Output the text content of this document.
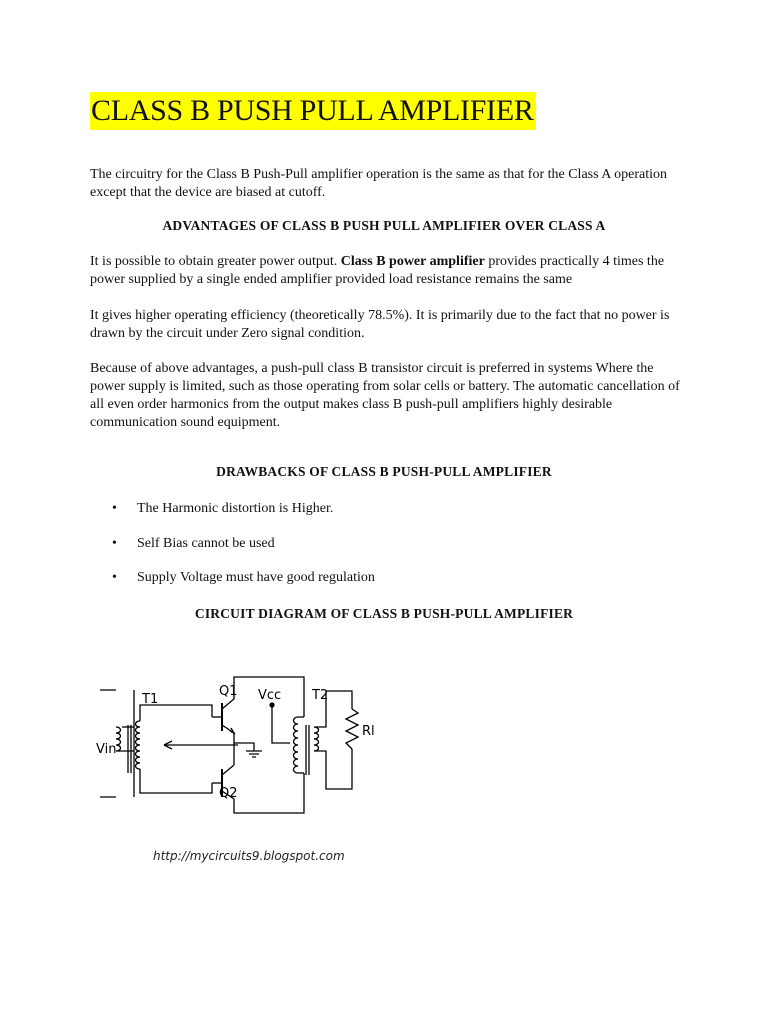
CLASS B PUSH PULL AMPLIFIER

The circuitry for the Class B Push-Pull amplifier operation is the same as that for the Class A operation except that the device are biased at cutoff.

ADVANTAGES OF CLASS B PUSH PULL AMPLIFIER OVER CLASS A

It is possible to obtain greater power output. Class B power amplifier provides practically 4 times the power supplied by a single ended amplifier provided load resistance remains the same

It gives higher operating efficiency (theoretically 78.5%). It is primarily due to the fact that no power is drawn by the circuit under Zero signal condition.

Because of above advantages, a push-pull class B transistor circuit is preferred in systems Where the power supply is limited, such as those operating from solar cells or battery. The automatic cancellation of all even order harmonics from the output makes class B push-pull amplifiers highly desirable communication sound equipment.

DRAWBACKS OF CLASS B PUSH-PULL AMPLIFIER
• The Harmonic distortion is Higher.
• Self Bias cannot be used
• Supply Voltage must have good regulation
CIRCUIT DIAGRAM OF CLASS B PUSH-PULL AMPLIFIER
Vin
T1
Q1
Q2
Vcc T2
Rl
http://mycircuits9.blogspot.com
